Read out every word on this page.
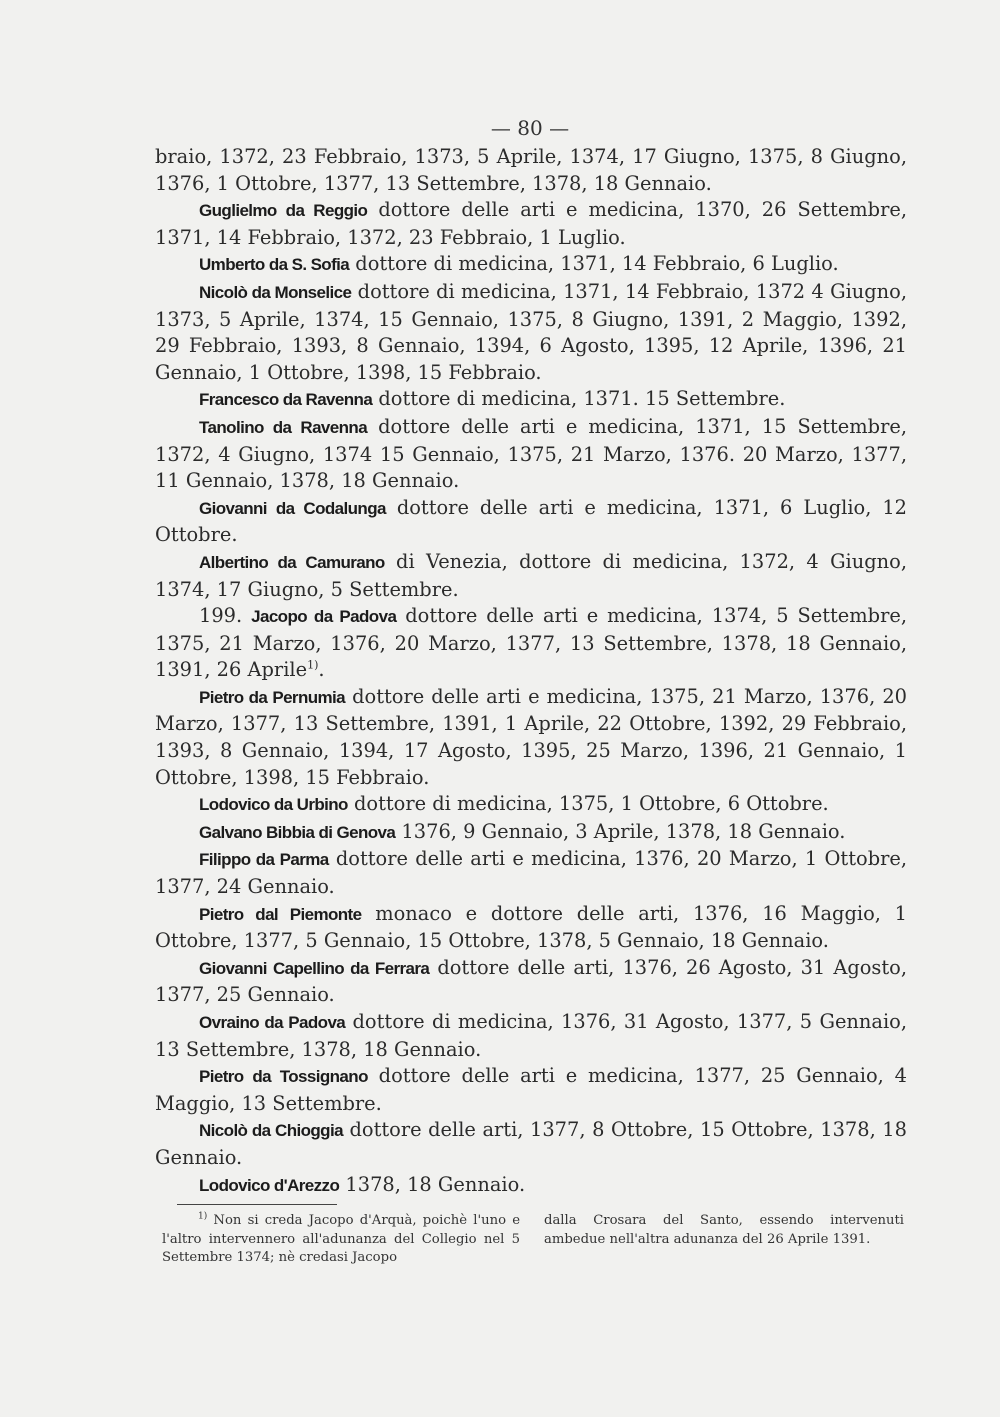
— 80 —

braio, 1372, 23 Febbraio, 1373, 5 Aprile, 1374, 17 Giugno, 1375, 8 Giugno, 1376, 1 Ottobre, 1377, 13 Settembre, 1378, 18 Gennaio.

Guglielmo da Reggio dottore delle arti e medicina, 1370, 26 Settembre, 1371, 14 Febbraio, 1372, 23 Febbraio, 1 Luglio.

Umberto da S. Sofia dottore di medicina, 1371, 14 Febbraio, 6 Luglio.

Nicolò da Monselice dottore di medicina, 1371, 14 Febbraio, 1372 4 Giugno, 1373, 5 Aprile, 1374, 15 Gennaio, 1375, 8 Giugno, 1391, 2 Maggio, 1392, 29 Febbraio, 1393, 8 Gennaio, 1394, 6 Agosto, 1395, 12 Aprile, 1396, 21 Gennaio, 1 Ottobre, 1398, 15 Febbraio.

Francesco da Ravenna dottore di medicina, 1371. 15 Settembre.

Tanolino da Ravenna dottore delle arti e medicina, 1371, 15 Settembre, 1372, 4 Giugno, 1374 15 Gennaio, 1375, 21 Marzo, 1376. 20 Marzo, 1377, 11 Gennaio, 1378, 18 Gennaio.

Giovanni da Codalunga dottore delle arti e medicina, 1371, 6 Luglio, 12 Ottobre.

Albertino da Camurano di Venezia, dottore di medicina, 1372, 4 Giugno, 1374, 17 Giugno, 5 Settembre.

199. Jacopo da Padova dottore delle arti e medicina, 1374, 5 Settembre, 1375, 21 Marzo, 1376, 20 Marzo, 1377, 13 Settembre, 1378, 18 Gennaio, 1391, 26 Aprile$^{1)}$.

Pietro da Pernumia dottore delle arti e medicina, 1375, 21 Marzo, 1376, 20 Marzo, 1377, 13 Settembre, 1391, 1 Aprile, 22 Ottobre, 1392, 29 Febbraio, 1393, 8 Gennaio, 1394, 17 Agosto, 1395, 25 Marzo, 1396, 21 Gennaio, 1 Ottobre, 1398, 15 Febbraio.

Lodovico da Urbino dottore di medicina, 1375, 1 Ottobre, 6 Ottobre.

Galvano Bibbia di Genova 1376, 9 Gennaio, 3 Aprile, 1378, 18 Gennaio.

Filippo da Parma dottore delle arti e medicina, 1376, 20 Marzo, 1 Ottobre, 1377, 24 Gennaio.

Pietro dal Piemonte monaco e dottore delle arti, 1376, 16 Maggio, 1 Ottobre, 1377, 5 Gennaio, 15 Ottobre, 1378, 5 Gennaio, 18 Gennaio.

Giovanni Capellino da Ferrara dottore delle arti, 1376, 26 Agosto, 31 Agosto, 1377, 25 Gennaio.

Ovraino da Padova dottore di medicina, 1376, 31 Agosto, 1377, 5 Gennaio, 13 Settembre, 1378, 18 Gennaio.

Pietro da Tossignano dottore delle arti e medicina, 1377, 25 Gennaio, 4 Maggio, 13 Settembre.

Nicolò da Chioggia dottore delle arti, 1377, 8 Ottobre, 15 Ottobre, 1378, 18 Gennaio.

Lodovico d'Arezzo 1378, 18 Gennaio.

$^{1)}$ Non si creda Jacopo d'Arquà, poichè l'uno e l'altro intervennero all'adunanza del Collegio nel 5 Settembre 1374; nè credasi Jacopo

dalla Crosara del Santo, essendo intervenuti ambedue nell'altra adunanza del 26 Aprile 1391.
